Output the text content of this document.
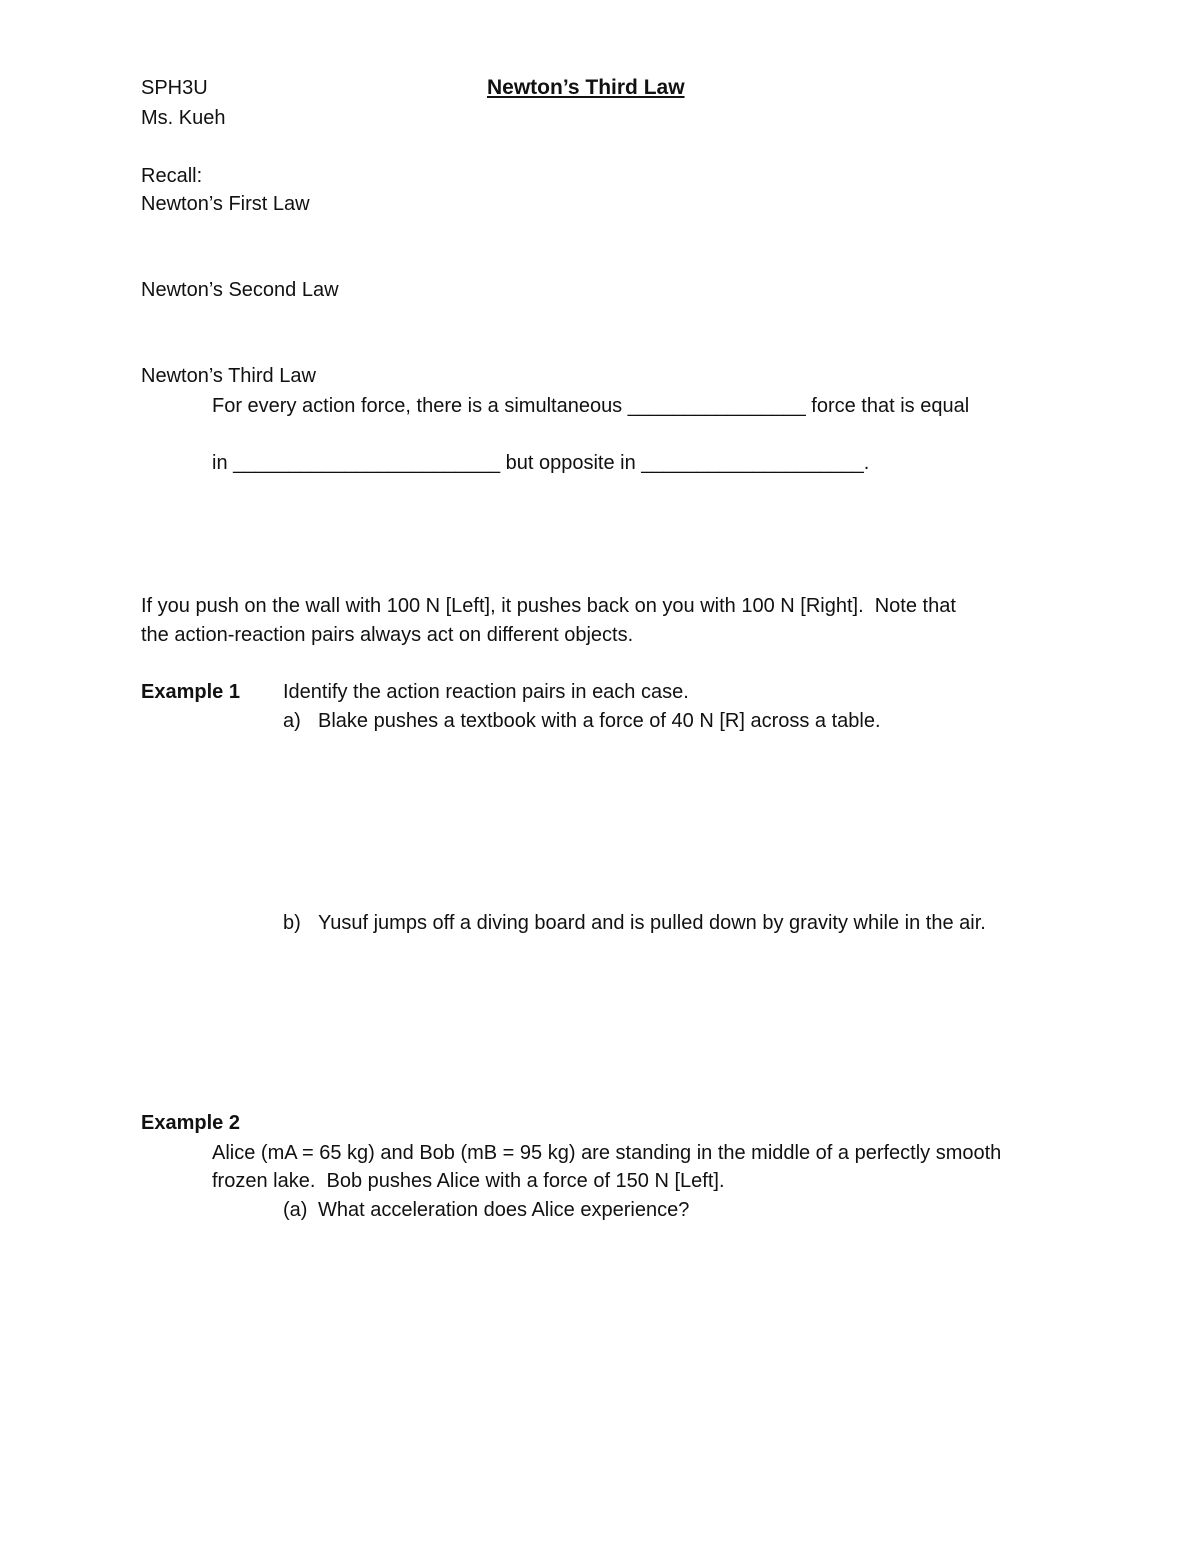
SPH3U	Newton’s Third Law
Ms. Kueh
Recall:
Newton’s First Law
Newton’s Second Law
Newton’s Third Law
For every action force, there is a simultaneous ________________ force that is equal
in ________________________ but opposite in ____________________.
If you push on the wall with 100 N [Left], it pushes back on you with 100 N [Right].  Note that
the action-reaction pairs always act on different objects.
Example 1 Identify the action reaction pairs in each case.
a) Blake pushes a textbook with a force of 40 N [R] across a table.
b) Yusuf jumps off a diving board and is pulled down by gravity while in the air.
Example 2
Alice (mA = 65 kg) and Bob (mB = 95 kg) are standing in the middle of a perfectly smooth
frozen lake.  Bob pushes Alice with a force of 150 N [Left].
(a) What acceleration does Alice experience?
